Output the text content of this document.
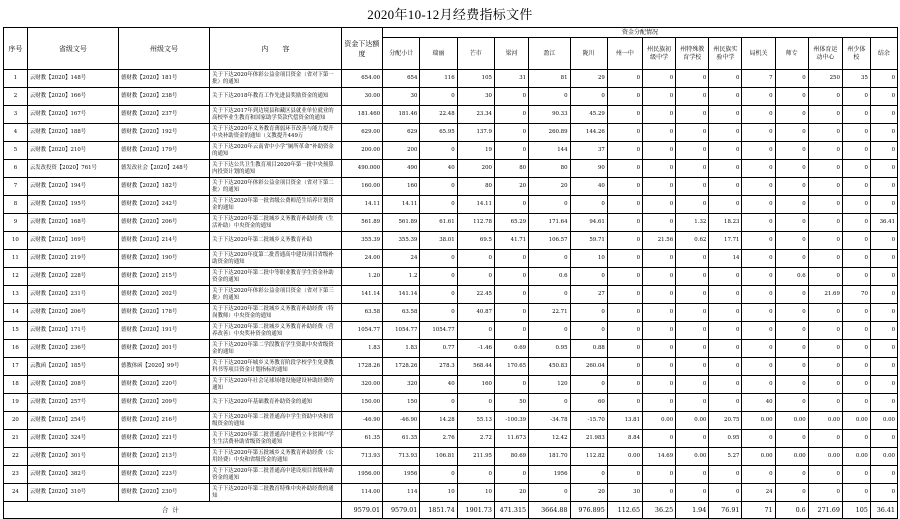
2020年10-12月经费指标文件
序号	省级文号	州级文号	内　　容	资金下达额度	资金分配情况														
					分配小计	瑞丽	芒市	梁河	盈江	陇川	州一中	州民族初级中学	州特殊教育学校	州民族实验中学	局机关	师专	州体育运动中心	州少体校	结余
1	云财教【2020】148号	德财教【2020】181号	关于下达2020年体彩公益金项目资金（省对下第一批）的通知	654.00	654	116	105	31	81	29	0	0	0	0	7	0	250	35	0
2	云财教【2020】166号	德财教【2020】238号	关于下达2018年教育工作先进县奖励资金的通知	30.00	30	0	30	0	0	0	0	0	0	0	0	0	0	0	0
3	云财教【2020】167号	德财教【2020】237号	关于下达2017年到边境县和藏区县就业单位就业的高校毕业生教育和国家助学贷款代偿资金的通知	181.460	181.46	22.48	23.34	0	90.33	45.29	0	0	0	0	0	0	0	0	0
4	云财教【2020】188号	德财教【2020】192号	关于下达2020年义务教育薄弱环节改善与能力提升中央补助资金的通知（义教提升449万	629.00	629	65.95	137.9	0	260.89	144.26	0	0	0	0	0	0	0	0	0
5	云财教【2020】210号	德财教【2020】179号	关于下达2020年云南省中小学“厕所革命”补助资金的通知	200.00	200	0	19	0	144	37	0	0	0	0	0	0	0	0	0
6	云发改投资【2020】761号	德发改社会【2020】248号	关于下达公共卫生教育项目2020年第一批中央预算内投资计划的通知	490.000	490	40	200	80	80	90	0	0	0	0	0	0	0	0	0
7	云财教【2020】194号	德财教【2020】182号	关于下达2020年体彩公益金项目资金（省对下第二批）的通知	160.00	160	0	80	20	20	40	0	0	0	0	0	0	0	0	0
8	云财教【2020】195号	德财教【2020】242号	关于下达2020年第一批省级公费师范生培养计划资金的通知	14.11	14.11	0	14.11	0	0	0	0	0	0	0	0	0	0	0	0
9	云财教【2020】168号	德财教【2020】206号	关于下达2020年第二批城乡义务教育补助经费（生活补助）中央资金的通知	561.89	561.89	61.61	112.78	65.29	171.64	94.61	0	0	1.32	18.23	0	0	0	0	36.41
10	云财教【2020】169号	德财教【2020】214号	关于下达2020年第二批城乡义务教育补助	355.39	355.39	38.01	69.5	41.71	106.57	59.71	0	21.56	0.62	17.71	0	0	0	0	0
11	云财教【2020】219号	德财教【2020】190号	关于下达2020年度第二批普通高中建设项目省级补助资金的通知	24.00	24	0	0	0	0	10	0	0	0	14	0	0	0	0	0
12	云财教【2020】228号	德财教【2020】215号	关于下达2020年第二批中等职业教育学生资金补助资金的通知	1.20	1.2	0	0	0	0.6	0	0	0	0	0	0	0.6	0	0	0
13	云财教【2020】231号	德财教【2020】202号	关于下达2020年体彩公益金项目资金（省对下第三批）的通知	141.14	141.14	0	22.45	0	0	27	0	0	0	0	0	0	21.69	70	0
14	云财教【2020】206号	德财教【2020】178号	关于下达2020年第二批城乡义务教育补助经费（特岗教师）中央资金的通知	63.58	63.58	0	40.87	0	22.71	0	0	0	0	0	0	0	0	0	0
15	云财教【2020】171号	德财教【2020】191号	关于下达2020年第二批城乡义务教育补助经费（营养改善）中央奖补资金的通知	1054.77	1054.77	1054.77	0	0	0	0	0	0	0	0	0	0	0	0	0
16	云财教【2020】236号	德财教【2020】201号	关于下达2020年第二学段教育学生资助中央省级资金的通知	1.83	1.83	0.77	-1.46	0.69	0.95	0.88	0	0	0	0	0	0	0	0	0
17	云教函【2020】185号	德教体函【2020】99号	关于下达2020年城乡义务教育阶段学校学生免费教科书等项目资金计划指标的通知	1728.26	1728.26	278.3	568.44	170.65	450.83	260.04	0	0	0	0	0	0	0	0	0
18	云财教【2020】208号	德财教【2020】220号	关于下达2020年社会足球场地设施建设补助经费的通知	320.00	320	40	160	0	120	0	0	0	0	0	0	0	0	0	0
19	云财教【2020】257号	德财教【2020】209号	关于下达2020年基础教育补助资金的通知	150.00	150	0	0	50	0	60	0	0	0	0	40	0	0	0	0
20	云财教【2020】254号	德财教【2020】216号	关于下达2020年第二批普通高中学生资助中央和省级资金的通知	-46.90	-46.90	14.28	55.13	-100.39	-34.78	-15.70	13.81	0.00	0.00	20.75	0.00	0.00	0.00	0.00	0.00
21	云财教【2020】324号	德财教【2020】221号	关于下达2020年第二批普通高中建档立卡贫困户学生生活费补助省级资金的通知	61.35	61.35	2.76	2.72	11.673	12.42	21.983	8.84	0	0	0.95	0	0	0	0	0
22	云财教【2020】301号	德财教【2020】213号	关于下达2020年第五批城乡义务教育补助经费（公用经费）中央和省级资金的通知	713.93	713.93	106.81	211.95	80.69	181.70	112.82	0.00	14.69	0.00	5.27	0.00	0.00	0.00	0.00	0.00
23	云财教【2020】382号	德财教【2020】223号	关于下达2020年第二批普通高中建设项目省级补助资金的通知	1956.00	1956	0	0	0	1956	0	0	0	0	0	0	0	0	0	0
24	云财教【2020】310号	德财教【2020】230号	关于下达2020年第二批教育特殊中央补助经费的通知	114.00	114	10	10	20	0	20	30	0	0	0	24	0	0	0	0
合计				9579.01	9579.01	1851.74	1901.73	471.315	3664.88	976.895	112.65	36.25	1.94	76.91	71	0.6	271.69	105	36.41
